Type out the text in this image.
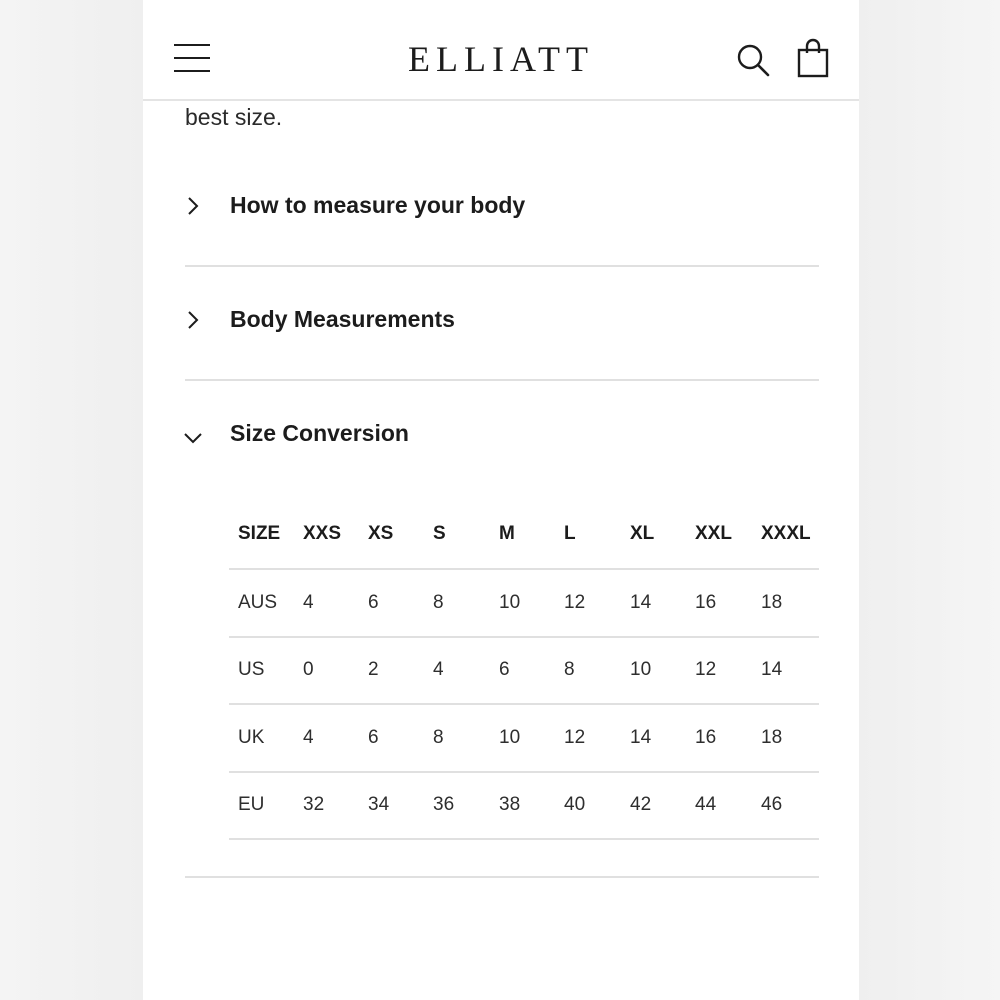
ELLIATT
best size.
How to measure your body
Body Measurements
Size Conversion
SIZE	XXS	XS	S	M	L	XL	XXL	XXXL
AUS	4	6	8	10	12	14	16	18
US	0	2	4	6	8	10	12	14
UK	4	6	8	10	12	14	16	18
EU	32	34	36	38	40	42	44	46
